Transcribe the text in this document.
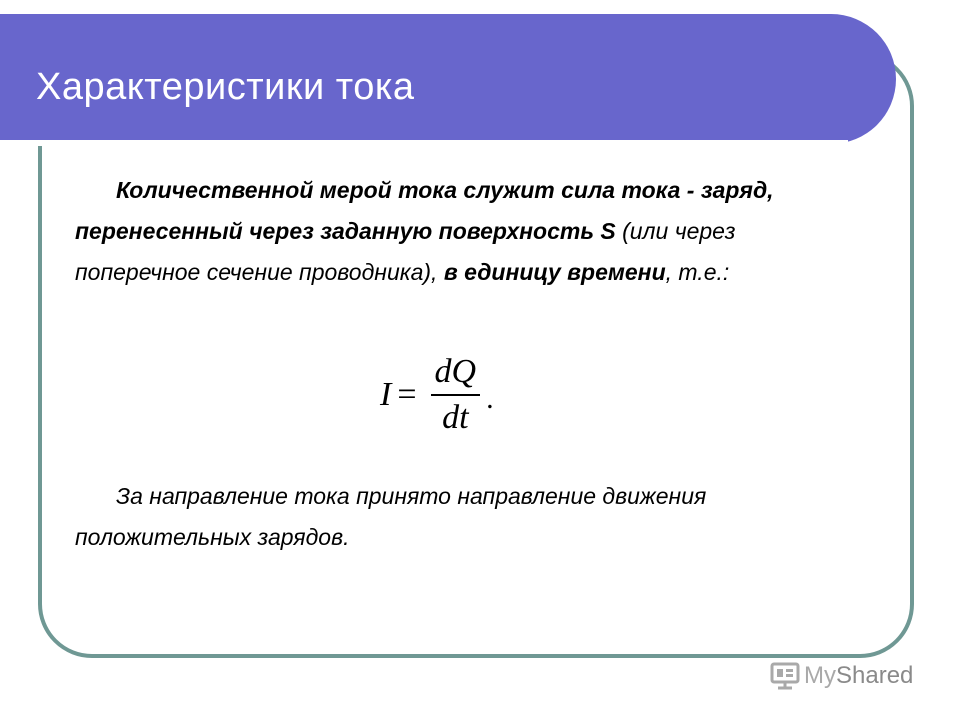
Характеристики тока

Количественной мерой тока служит сила тока - заряд, перенесенный через заданную поверхность S (или через поперечное сечение проводника), в единицу времени, т.е.:

$I = \frac{dQ}{dt}$ .
За направление тока принято направление движения положительных зарядов.
My Shared
